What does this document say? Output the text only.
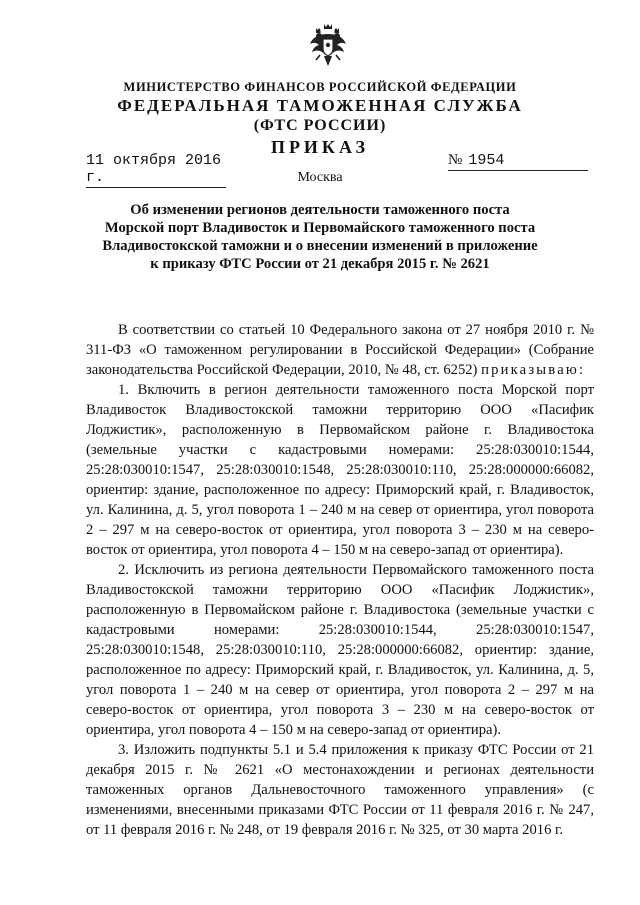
МИНИСТЕРСТВО ФИНАНСОВ РОССИЙСКОЙ ФЕДЕРАЦИИ
ФЕДЕРАЛЬНАЯ ТАМОЖЕННАЯ СЛУЖБА
(ФТС РОССИИ)
ПРИКАЗ
11 октября 2016 г.
№ 1954
Москва
Об изменении регионов деятельности таможенного поста
Морской порт Владивосток и Первомайского таможенного поста
Владивостокской таможни и о внесении изменений в приложение
к приказу ФТС России от 21 декабря 2015 г. № 2621

В соответствии со статьей 10 Федерального закона от 27 ноября 2010 г. № 311-ФЗ «О таможенном регулировании в Российской Федерации» (Собрание законодательства Российской Федерации, 2010, № 48, ст. 6252) приказываю:

1. Включить в регион деятельности таможенного поста Морской порт Владивосток Владивостокской таможни территорию ООО «Пасифик Лоджистик», расположенную в Первомайском районе г. Владивостока (земельные участки с кадастровыми номерами: 25:28:030010:1544, 25:28:030010:1547, 25:28:030010:1548, 25:28:030010:110, 25:28:000000:66082, ориентир: здание, расположенное по адресу: Приморский край, г. Владивосток, ул. Калинина, д. 5, угол поворота 1 – 240 м на север от ориентира, угол поворота 2 – 297 м на северо-восток от ориентира, угол поворота 3 – 230 м на северо-восток от ориентира, угол поворота 4 – 150 м на северо-запад от ориентира).

2. Исключить из региона деятельности Первомайского таможенного поста Владивостокской таможни территорию ООО «Пасифик Лоджистик», расположенную в Первомайском районе г. Владивостока (земельные участки с кадастровыми номерами: 25:28:030010:1544, 25:28:030010:1547, 25:28:030010:1548, 25:28:030010:110, 25:28:000000:66082, ориентир: здание, расположенное по адресу: Приморский край, г. Владивосток, ул. Калинина, д. 5, угол поворота 1 – 240 м на север от ориентира, угол поворота 2 – 297 м на северо-восток от ориентира, угол поворота 3 – 230 м на северо-восток от ориентира, угол поворота 4 – 150 м на северо-запад от ориентира).

3. Изложить подпункты 5.1 и 5.4 приложения к приказу ФТС России от 21 декабря 2015 г. № 2621 «О местонахождении и регионах деятельности таможенных органов Дальневосточного таможенного управления» (с изменениями, внесенными приказами ФТС России от 11 февраля 2016 г. № 247, от 11 февраля 2016 г. № 248, от 19 февраля 2016 г. № 325, от 30 марта 2016 г.
